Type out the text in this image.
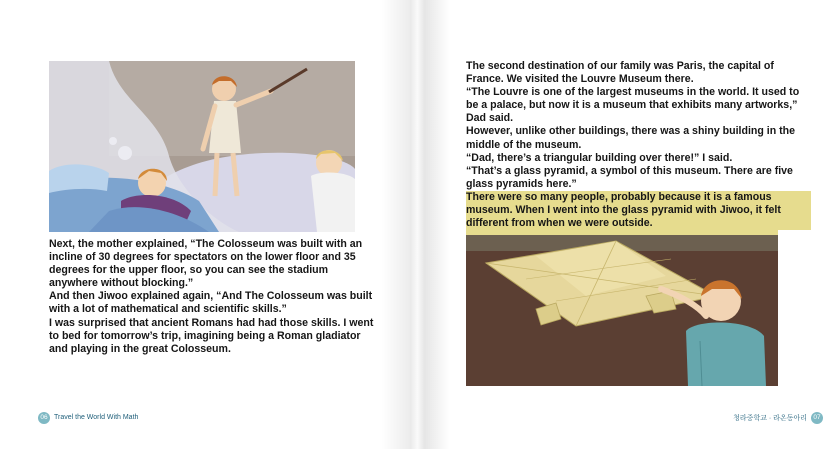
Next, the mother explained, “The Colosseum was built with an incline of 30 degrees for spectators on the lower floor and 35 degrees for the upper floor, so you can see the stadium anywhere without blocking.”

And then Jiwoo explained again, “And The Colosseum was built with a lot of mathematical and scientific skills.”

I was surprised that ancient Romans had had those skills. I went to bed for tomorrow’s trip, imagining being a Roman gladiator and playing in the great Colosseum.

06 Travel the World With Math

The second destination of our family was Paris, the capital of France. We visited the Louvre Museum there.

“The Louvre is one of the largest museums in the world. It used to be a palace, but now it is a museum that exhibits many artworks,” Dad said.

However, unlike other buildings, there was a shiny building in the middle of the museum.

“Dad, there’s a triangular building over there!” I said.

“That’s a glass pyramid, a symbol of this museum. There are five glass pyramids here.”

There were so many people, probably because it is a famous museum. When I went into the glass pyramid with Jiwoo, it felt different from when we were outside.

청라중학교 · 라온동아리 07
